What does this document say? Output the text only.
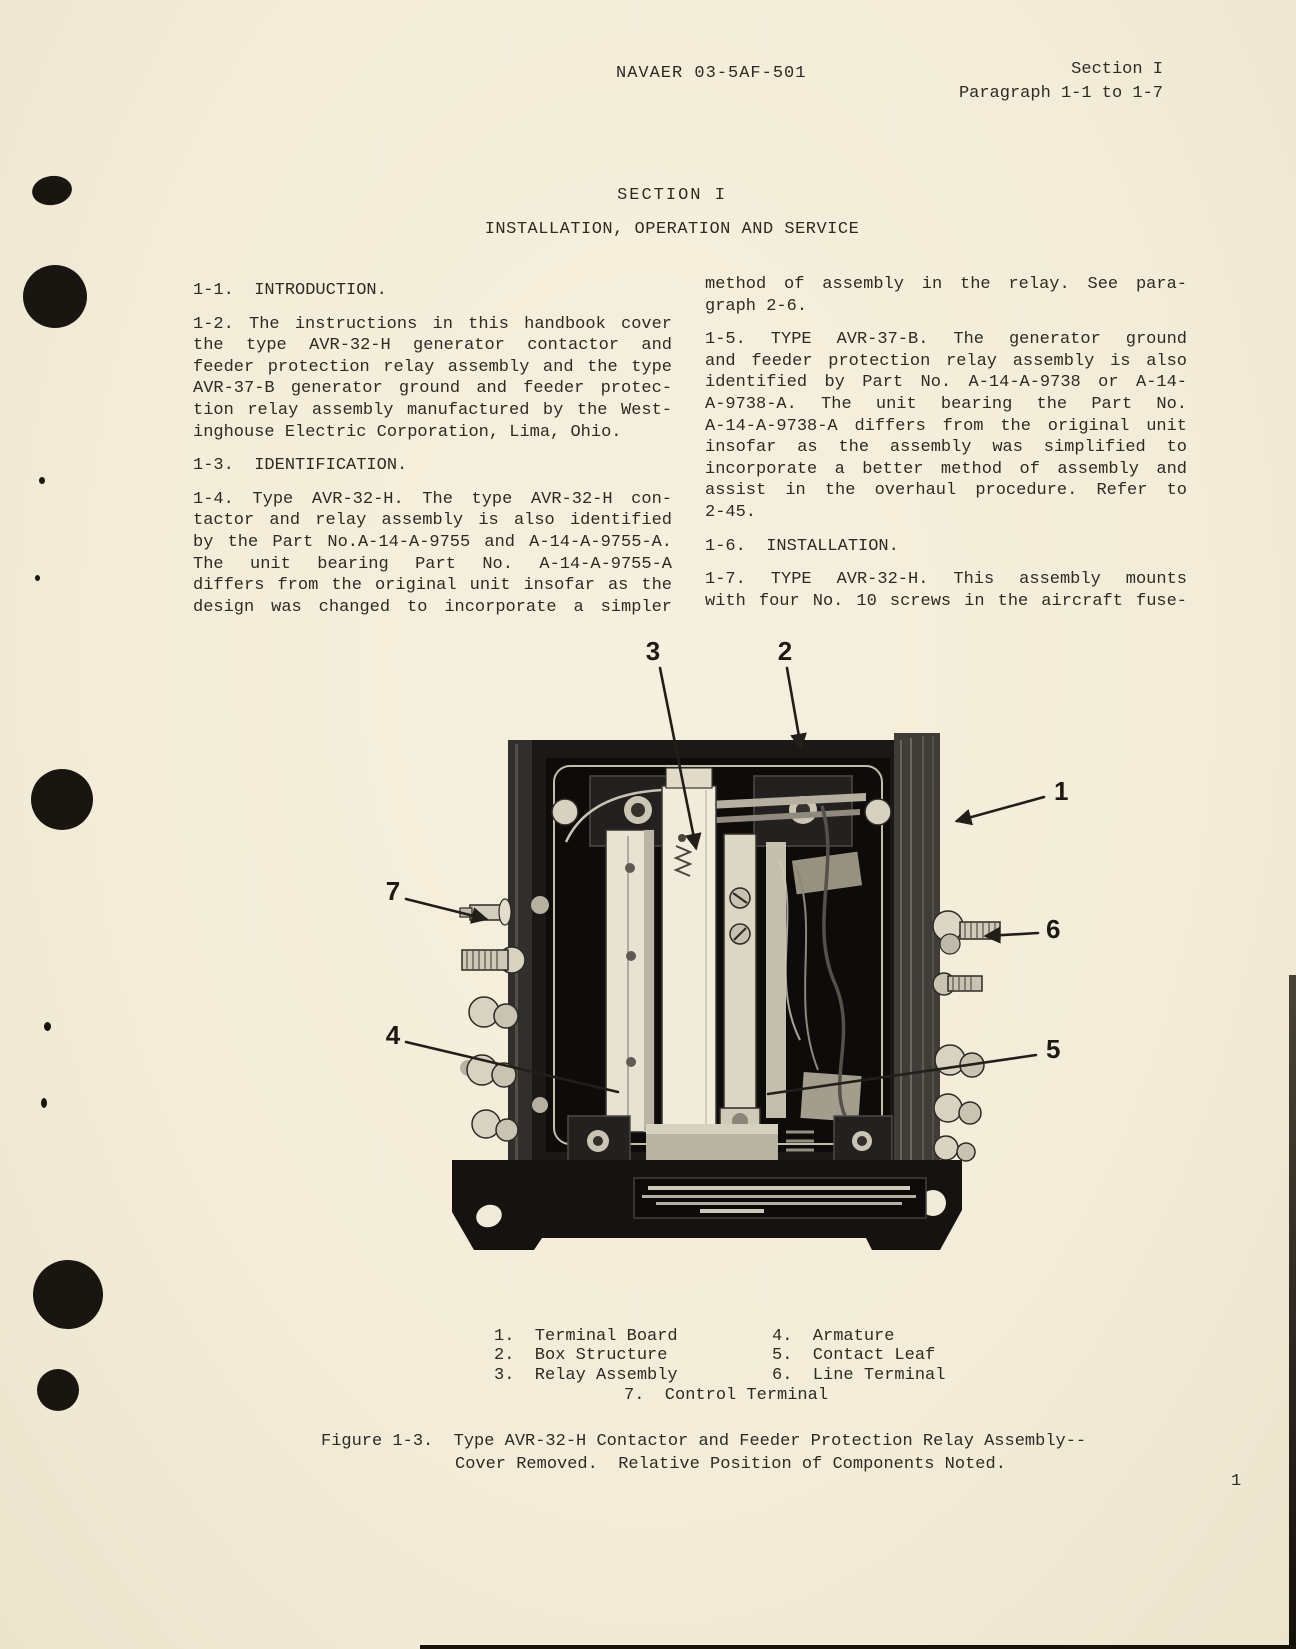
NAVAER 03-5AF-501	Section I
Paragraph 1-1 to 1-7
SECTION I
INSTALLATION, OPERATION AND SERVICE
1-1.  INTRODUCTION.
1-2. The instructions in this handbook cover
the type AVR-32-H generator contactor and
feeder protection relay assembly and the type
AVR-37-B generator ground and feeder protec-
tion relay assembly manufactured by the West-
inghouse Electric Corporation, Lima, Ohio.
1-3.  IDENTIFICATION.
1-4. Type AVR-32-H. The type AVR-32-H con-
tactor and relay assembly is also identified
by the Part No.A-14-A-9755 and A-14-A-9755-A.
The unit bearing Part No. A-14-A-9755-A
differs from the original unit insofar as the
design was changed to incorporate a simpler
method of assembly in the relay. See para-
graph 2-6.
1-5. TYPE AVR-37-B. The generator ground
and feeder protection relay assembly is also
identified by Part No. A-14-A-9738 or A-14-
A-9738-A. The unit bearing the Part No.
A-14-A-9738-A differs from the original unit
insofar as the assembly was simplified to
incorporate a better method of assembly and
assist in the overhaul procedure. Refer to
2-45.
1-6.  INSTALLATION.
1-7. TYPE AVR-32-H. This assembly mounts
with four No. 10 screws in the aircraft fuse-
3	2
1
7
6
4	5
1.  Terminal Board
2.  Box Structure
3.  Relay Assembly
4.  Armature
5.  Contact Leaf
6.  Line Terminal
7.  Control Terminal
Figure 1-3.  Type AVR-32-H Contactor and Feeder Protection Relay Assembly--
Cover Removed.  Relative Position of Components Noted.
1
